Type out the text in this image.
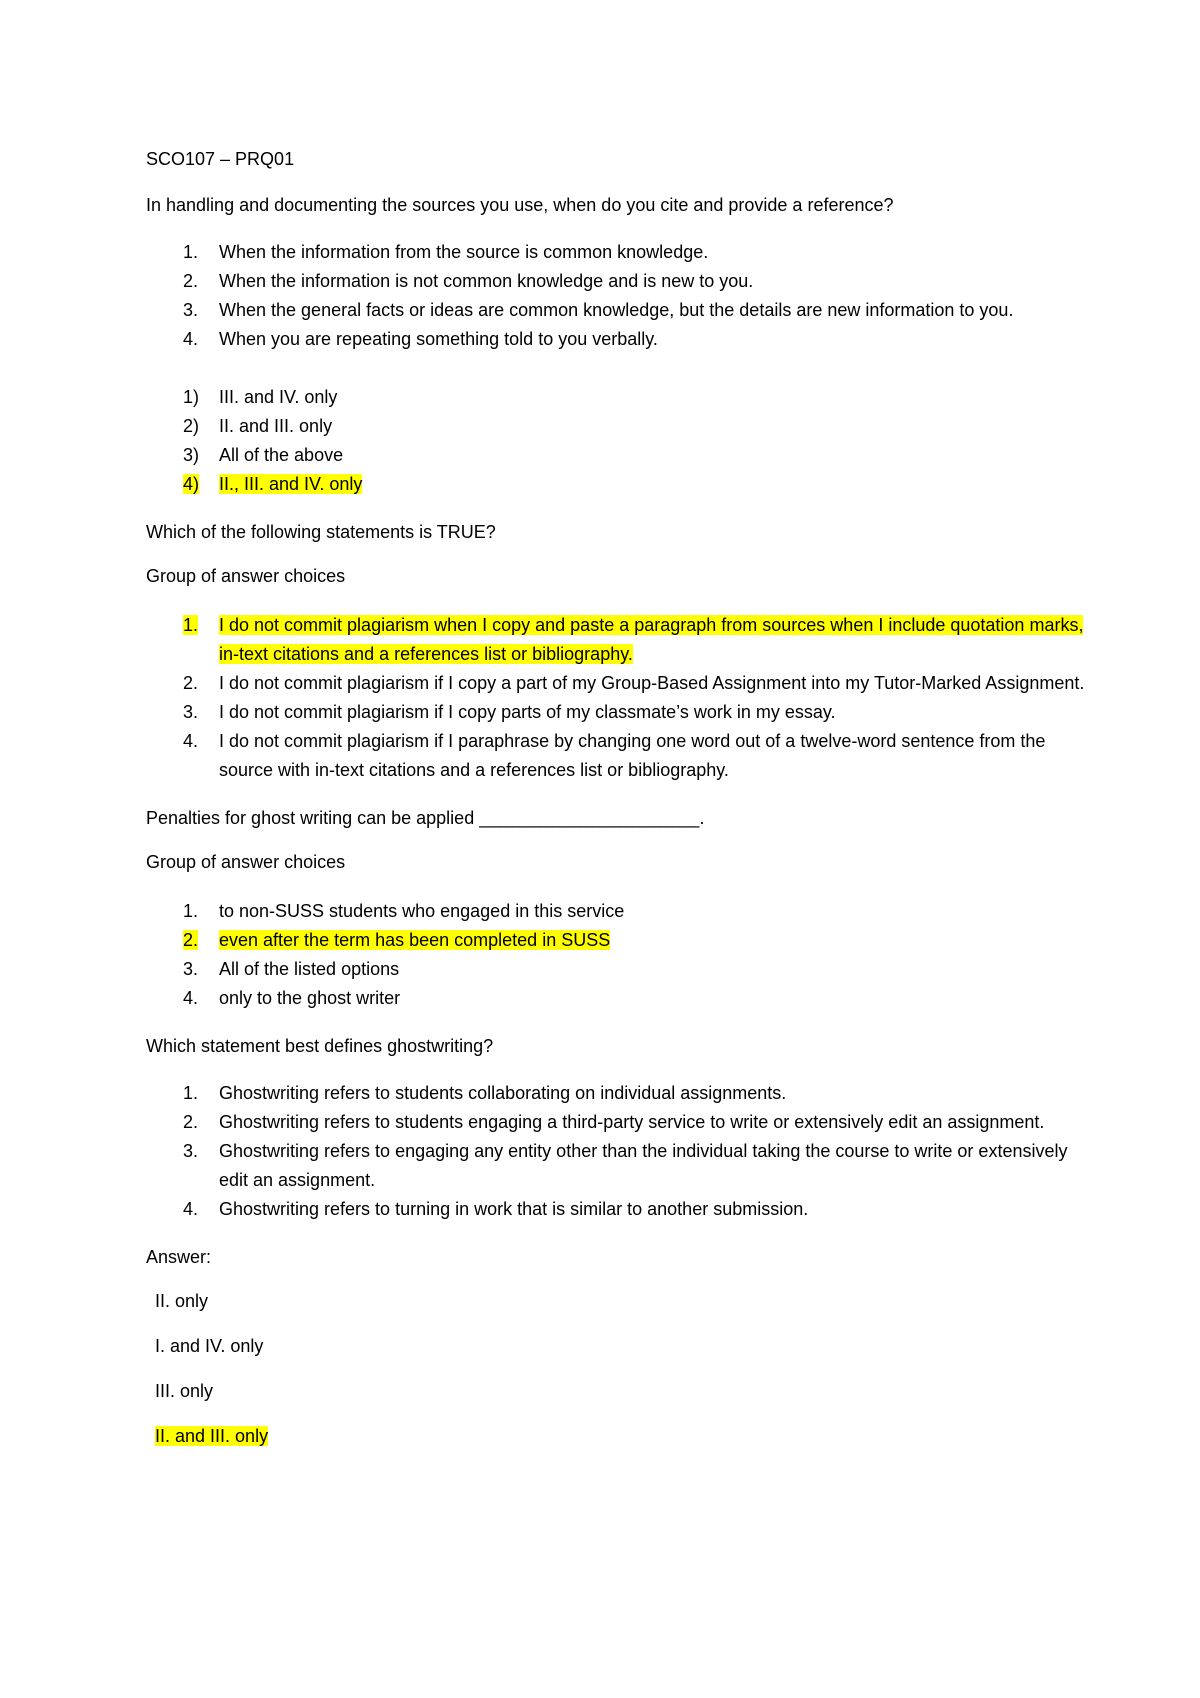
SCO107 – PRQ01

In handling and documenting the sources you use, when do you cite and provide a reference?

1.	When the information from the source is common knowledge.
2.	When the information is not common knowledge and is new to you.
3.	When the general facts or ideas are common knowledge, but the details are new information to you.
4.	When you are repeating something told to you verbally.
1)	III. and IV. only
2)	II. and III. only
3)	All of the above
4)	II., III. and IV. only

Which of the following statements is TRUE?

Group of answer choices

1.	I do not commit plagiarism when I copy and paste a paragraph from sources when I include quotation marks, in-text citations and a references list or bibliography.
2.	I do not commit plagiarism if I copy a part of my Group-Based Assignment into my Tutor-Marked Assignment.
3.	I do not commit plagiarism if I copy parts of my classmate’s work in my essay.
4.	I do not commit plagiarism if I paraphrase by changing one word out of a twelve-word sentence from the source with in-text citations and a references list or bibliography.

Penalties for ghost writing can be applied ______________________.

Group of answer choices

1.	to non-SUSS students who engaged in this service
2.	even after the term has been completed in SUSS
3.	All of the listed options
4.	only to the ghost writer

Which statement best defines ghostwriting?

1.	Ghostwriting refers to students collaborating on individual assignments.
2.	Ghostwriting refers to students engaging a third-party service to write or extensively edit an assignment.
3.	Ghostwriting refers to engaging any entity other than the individual taking the course to write or extensively edit an assignment.
4.	Ghostwriting refers to turning in work that is similar to another submission.

Answer:

II. only
I. and IV. only
III. only
II. and III. only
